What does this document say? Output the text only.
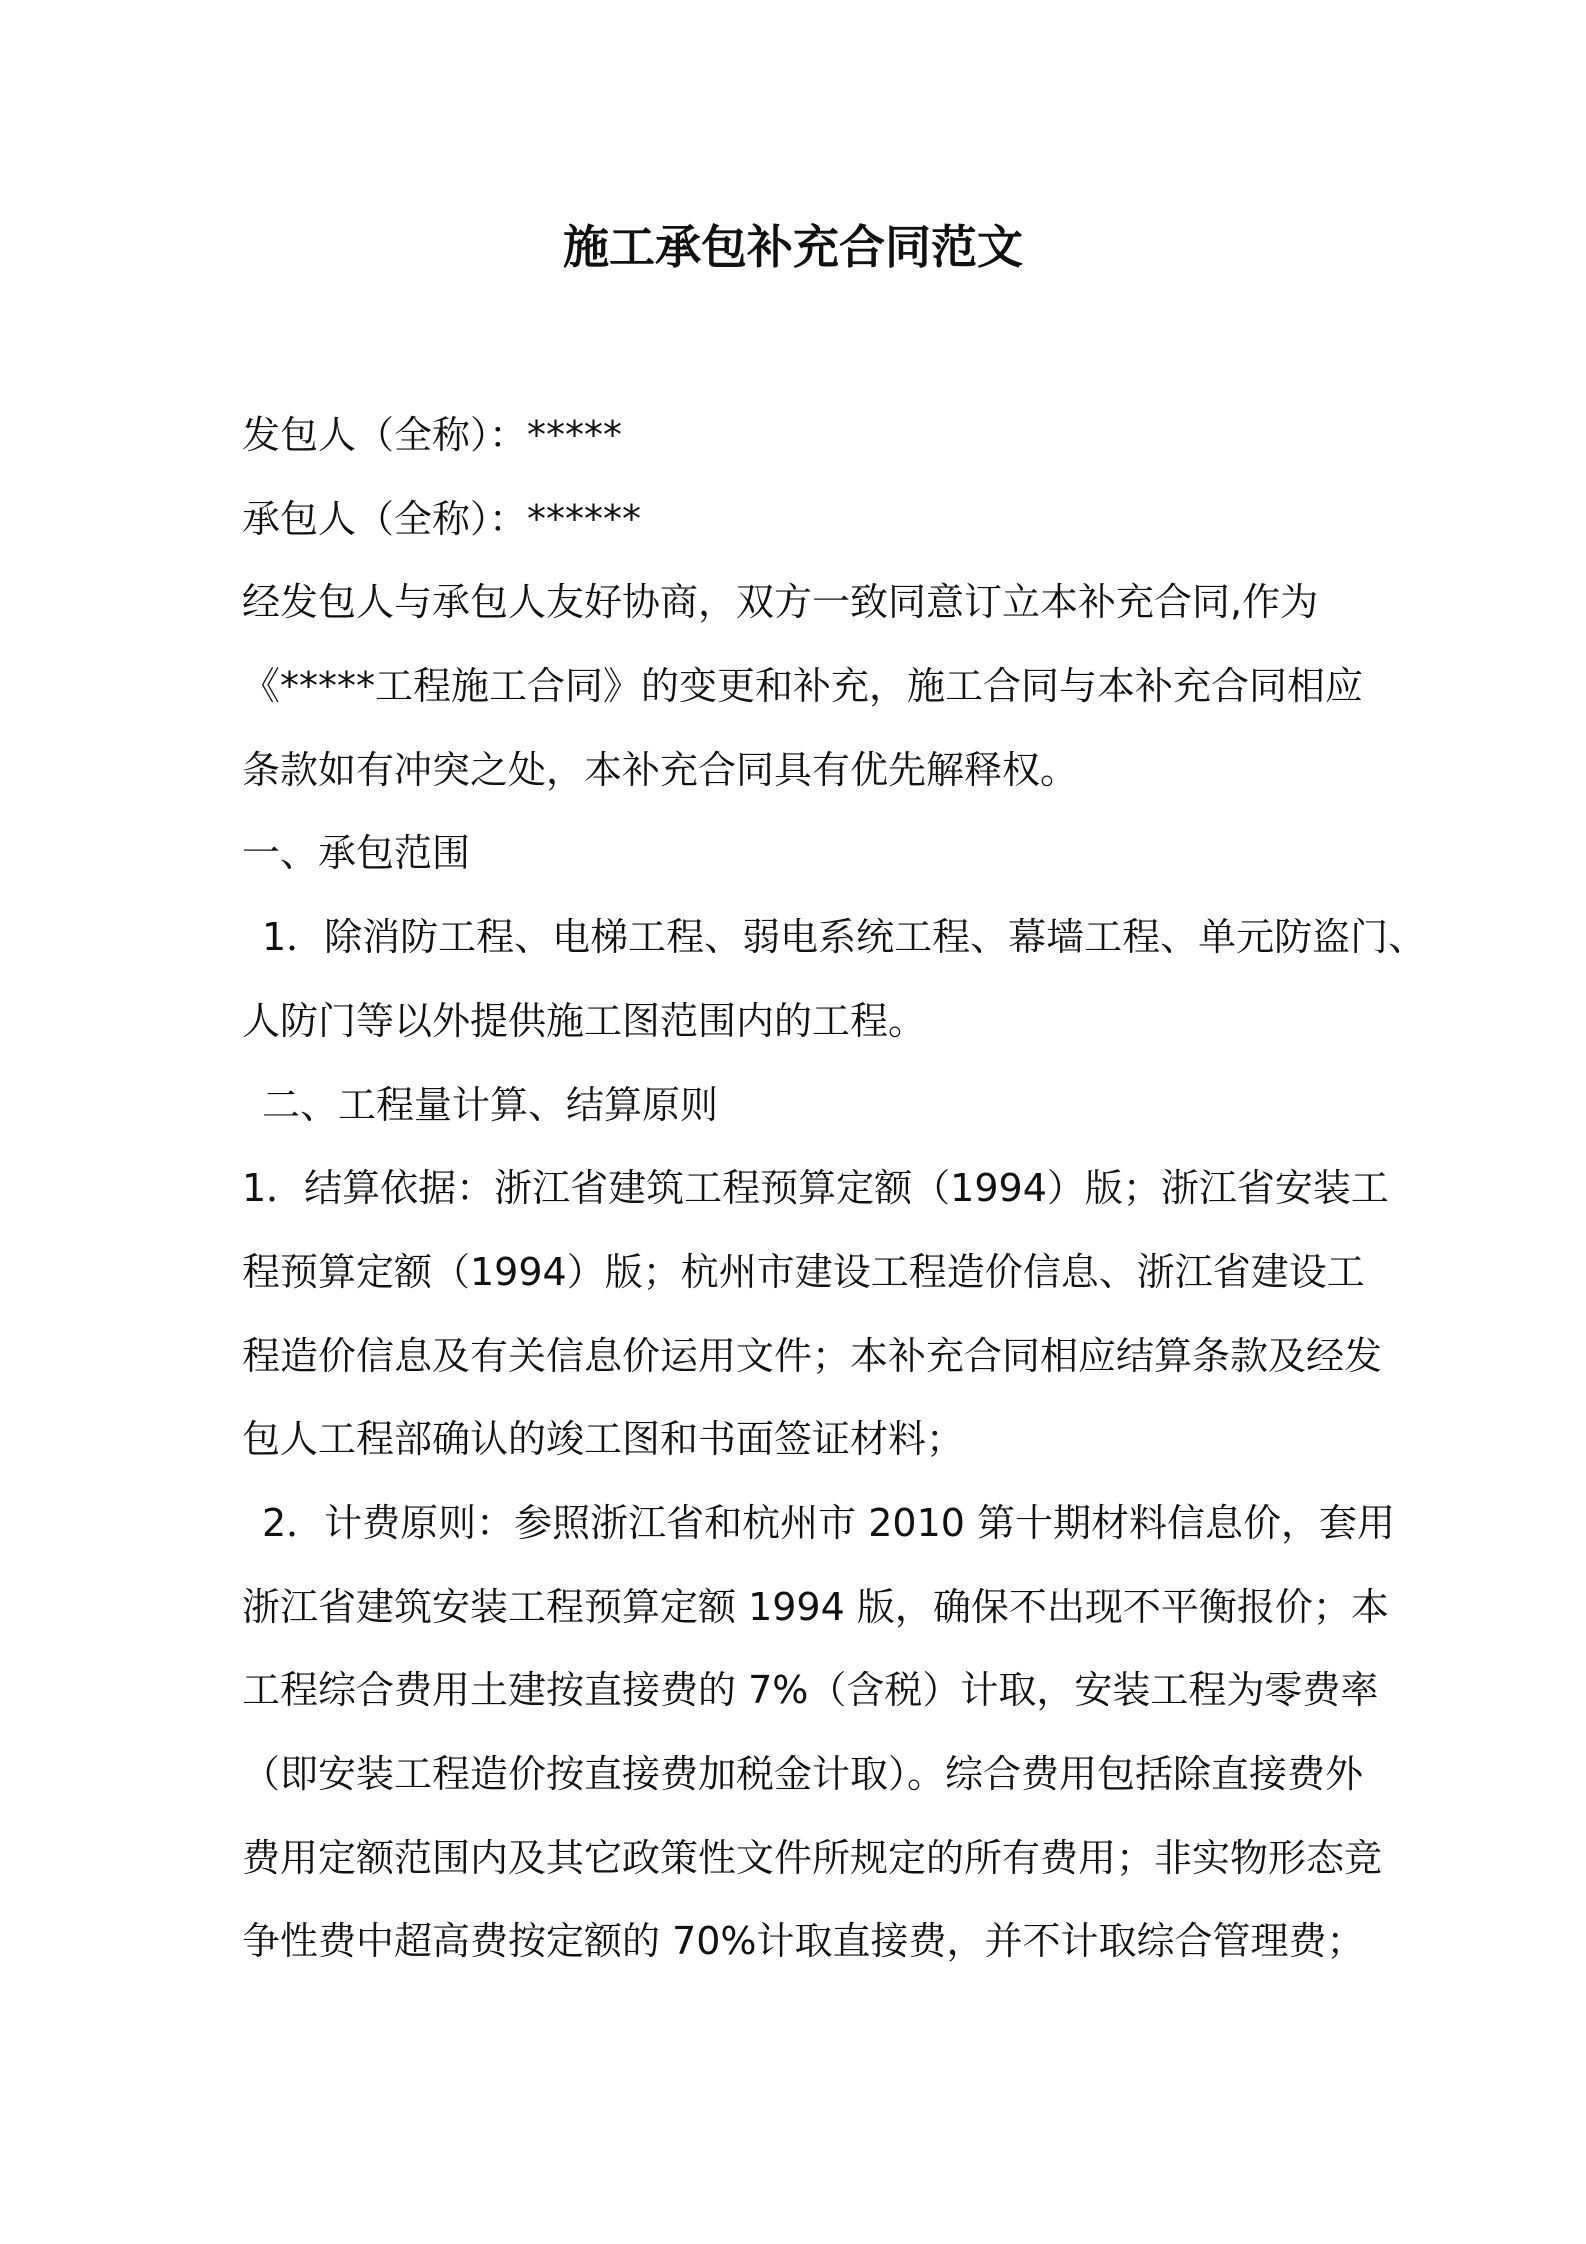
施工承包补充合同范文
发包人（全称）：*****
承包人（全称）：******
经发包人与承包人友好协商，双方一致同意订立本补充合同,作为
《*****工程施工合同》的变更和补充，施工合同与本补充合同相应
条款如有冲突之处，本补充合同具有优先解释权。
一、承包范围
1．除消防工程、电梯工程、弱电系统工程、幕墙工程、单元防盗门、
人防门等以外提供施工图范围内的工程。
二、工程量计算、结算原则
1．结算依据：浙江省建筑工程预算定额（1994）版；浙江省安装工
程预算定额（1994）版；杭州市建设工程造价信息、浙江省建设工
程造价信息及有关信息价运用文件；本补充合同相应结算条款及经发
包人工程部确认的竣工图和书面签证材料；
2．计费原则：参照浙江省和杭州市 2010 第十期材料信息价，套用
浙江省建筑安装工程预算定额 1994 版，确保不出现不平衡报价；本
工程综合费用土建按直接费的 7%（含税）计取，安装工程为零费率
（即安装工程造价按直接费加税金计取）。综合费用包括除直接费外
费用定额范围内及其它政策性文件所规定的所有费用；非实物形态竞
争性费中超高费按定额的 70%计取直接费，并不计取综合管理费；
